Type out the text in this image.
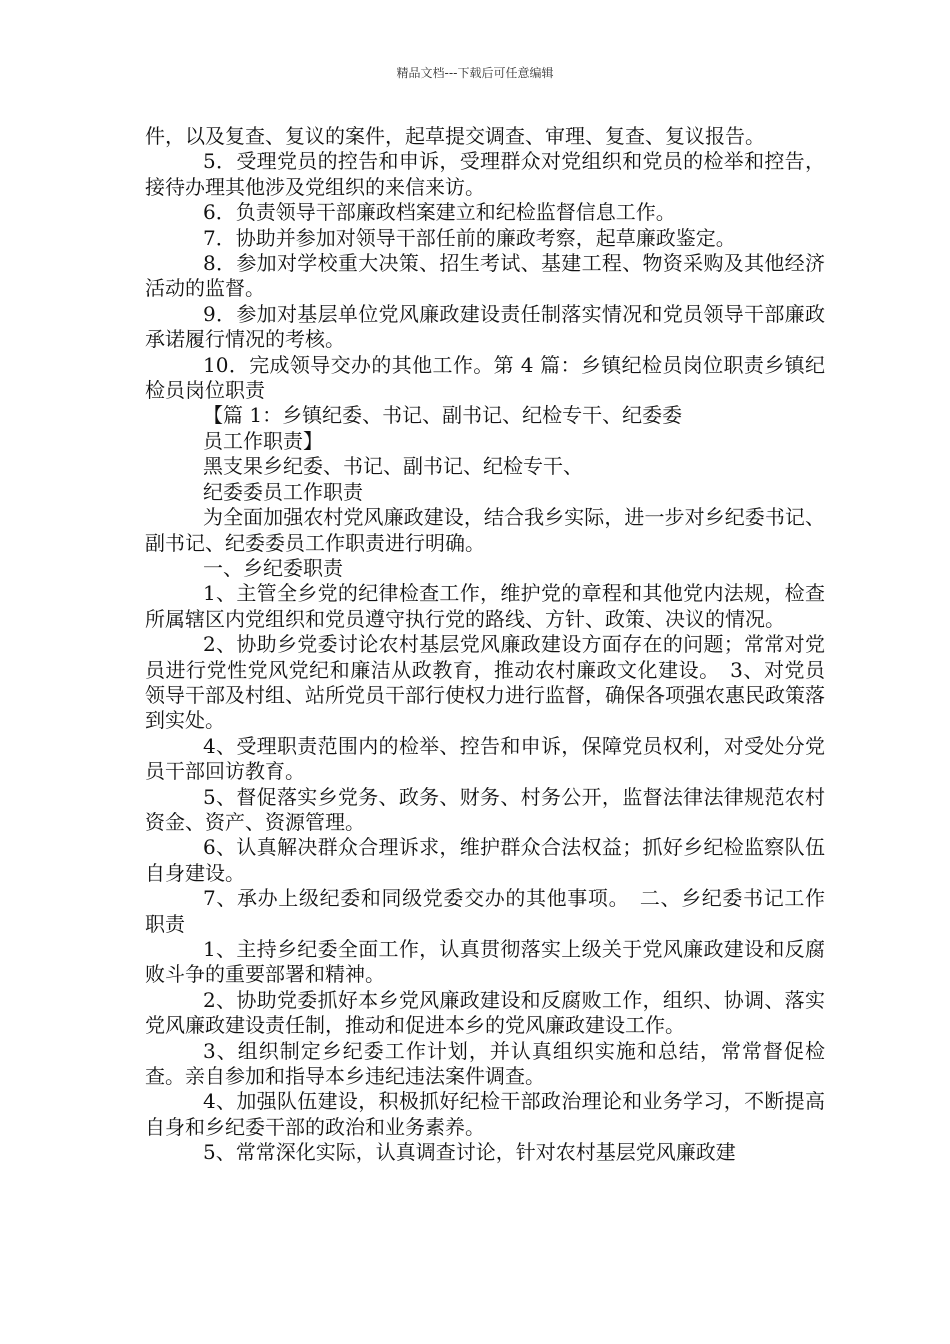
精品文档---下载后可任意编辑

件，以及复查、复议的案件，起草提交调查、审理、复查、复议报告。

5．受理党员的控告和申诉，受理群众对党组织和党员的检举和控告，接待办理其他涉及党组织的来信来访。

6．负责领导干部廉政档案建立和纪检监督信息工作。

7．协助并参加对领导干部任前的廉政考察，起草廉政鉴定。

8．参加对学校重大决策、招生考试、基建工程、物资采购及其他经济活动的监督。

9．参加对基层单位党风廉政建设责任制落实情况和党员领导干部廉政承诺履行情况的考核。

10．完成领导交办的其他工作。第 4 篇：乡镇纪检员岗位职责乡镇纪检员岗位职责

【篇 1：乡镇纪委、书记、副书记、纪检专干、纪委委

员工作职责】

黑支果乡纪委、书记、副书记、纪检专干、

纪委委员工作职责

为全面加强农村党风廉政建设，结合我乡实际，进一步对乡纪委书记、副书记、纪委委员工作职责进行明确。

一、乡纪委职责

1、主管全乡党的纪律检查工作，维护党的章程和其他党内法规，检查所属辖区内党组织和党员遵守执行党的路线、方针、政策、决议的情况。

2、协助乡党委讨论农村基层党风廉政建设方面存在的问题；常常对党员进行党性党风党纪和廉洁从政教育，推动农村廉政文化建设。　3、对党员领导干部及村组、站所党员干部行使权力进行监督，确保各项强农惠民政策落到实处。

4、受理职责范围内的检举、控告和申诉，保障党员权利，对受处分党员干部回访教育。

5、督促落实乡党务、政务、财务、村务公开，监督法律法律规范农村资金、资产、资源管理。

6、认真解决群众合理诉求，维护群众合法权益；抓好乡纪检监察队伍自身建设。

7、承办上级纪委和同级党委交办的其他事项。　二、乡纪委书记工作职责

1、主持乡纪委全面工作，认真贯彻落实上级关于党风廉政建设和反腐败斗争的重要部署和精神。

2、协助党委抓好本乡党风廉政建设和反腐败工作，组织、协调、落实党风廉政建设责任制，推动和促进本乡的党风廉政建设工作。

3、组织制定乡纪委工作计划，并认真组织实施和总结，常常督促检查。亲自参加和指导本乡违纪违法案件调查。

4、加强队伍建设，积极抓好纪检干部政治理论和业务学习，不断提高自身和乡纪委干部的政治和业务素养。

5、常常深化实际，认真调查讨论，针对农村基层党风廉政建
